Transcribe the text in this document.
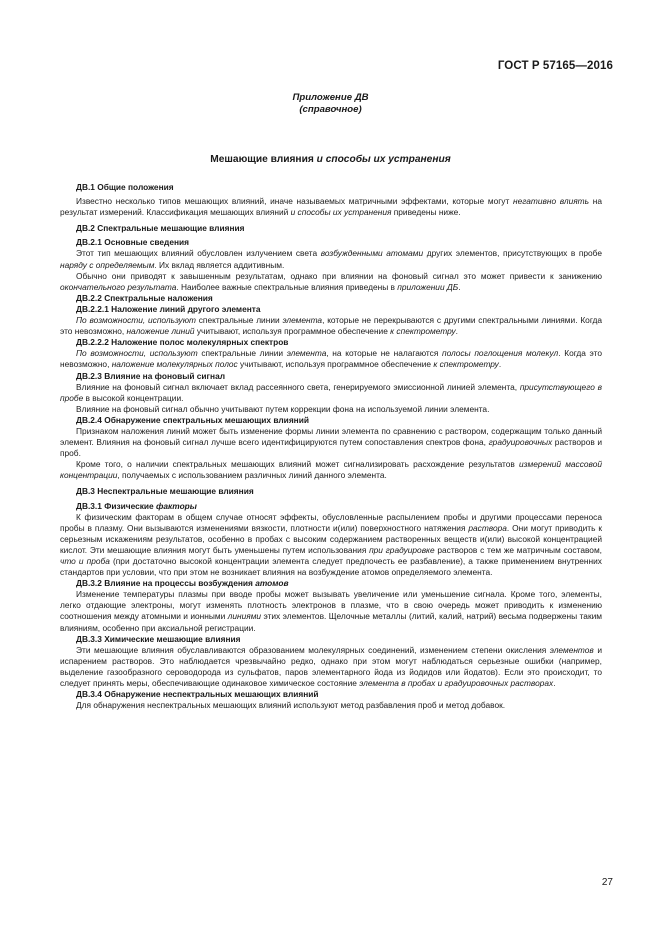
ГОСТ Р 57165—2016
Приложение ДВ
(справочное)
Мешающие влияния и способы их устранения
ДВ.1 Общие положения

Известно несколько типов мешающих влияний, иначе называемых матричными эффектами, которые могут негативно влиять на результат измерений. Классификация мешающих влияний и способы их устранения приведены ниже.

ДВ.2 Спектральные мешающие влияния
ДВ.2.1 Основные сведения

Этот тип мешающих влияний обусловлен излучением света возбужденными атомами других элементов, присутствующих в пробе наряду с определяемым. Их вклад является аддитивным.

Обычно они приводят к завышенным результатам, однако при влиянии на фоновый сигнал это может привести к занижению окончательного результата. Наиболее важные спектральные влияния приведены в приложении ДБ.

ДВ.2.2 Спектральные наложения
ДВ.2.2.1 Наложение линий другого элемента

По возможности, используют спектральные линии элемента, которые не перекрываются с другими спектральными линиями. Когда это невозможно, наложение линий учитывают, используя программное обеспечение к спектрометру.

ДВ.2.2.2 Наложение полос молекулярных спектров

По возможности, используют спектральные линии элемента, на которые не налагаются полосы поглощения молекул. Когда это невозможно, наложение молекулярных полос учитывают, используя программное обеспечение к спектрометру.

ДВ.2.3 Влияние на фоновый сигнал

Влияние на фоновый сигнал включает вклад рассеянного света, генерируемого эмиссионной линией элемента, присутствующего в пробе в высокой концентрации.

Влияние на фоновый сигнал обычно учитывают путем коррекции фона на используемой линии элемента.

ДВ.2.4 Обнаружение спектральных мешающих влияний

Признаком наложения линий может быть изменение формы линии элемента по сравнению с раствором, содержащим только данный элемент. Влияния на фоновый сигнал лучше всего идентифицируются путем сопоставления спектров фона, градуировочных растворов и проб.

Кроме того, о наличии спектральных мешающих влияний может сигнализировать расхождение результатов измерений массовой концентрации, получаемых с использованием различных линий данного элемента.

ДВ.3 Неспектральные мешающие влияния
ДВ.3.1 Физические факторы

К физическим факторам в общем случае относят эффекты, обусловленные распылением пробы и другими процессами переноса пробы в плазму. Они вызываются изменениями вязкости, плотности и(или) поверхностного натяжения раствора. Они могут приводить к серьезным искажениям результатов, особенно в пробах с высоким содержанием растворенных веществ и(или) высокой концентрацией кислот. Эти мешающие влияния могут быть уменьшены путем использования при градуировке растворов с тем же матричным составом, что и проба (при достаточно высокой концентрации элемента следует предпочесть ее разбавление), а также применением внутренних стандартов при условии, что при этом не возникает влияния на возбуждение атомов определяемого элемента.

ДВ.3.2 Влияние на процессы возбуждения атомов

Изменение температуры плазмы при вводе пробы может вызывать увеличение или уменьшение сигнала. Кроме того, элементы, легко отдающие электроны, могут изменять плотность электронов в плазме, что в свою очередь может приводить к изменению соотношения между атомными и ионными линиями этих элементов. Щелочные металлы (литий, калий, натрий) весьма подвержены таким влияниям, особенно при аксиальной регистрации.

ДВ.3.3 Химические мешающие влияния

Эти мешающие влияния обуславливаются образованием молекулярных соединений, изменением степени окисления элементов и испарением растворов. Это наблюдается чрезвычайно редко, однако при этом могут наблюдаться серьезные ошибки (например, выделение газообразного сероводорода из сульфатов, паров элементарного йода из йодидов или йодатов). Если это происходит, то следует принять меры, обеспечивающие одинаковое химическое состояние элемента в пробах и градуировочных растворах.

ДВ.3.4 Обнаружение неспектральных мешающих влияний

Для обнаружения неспектральных мешающих влияний используют метод разбавления проб и метод добавок.

27
